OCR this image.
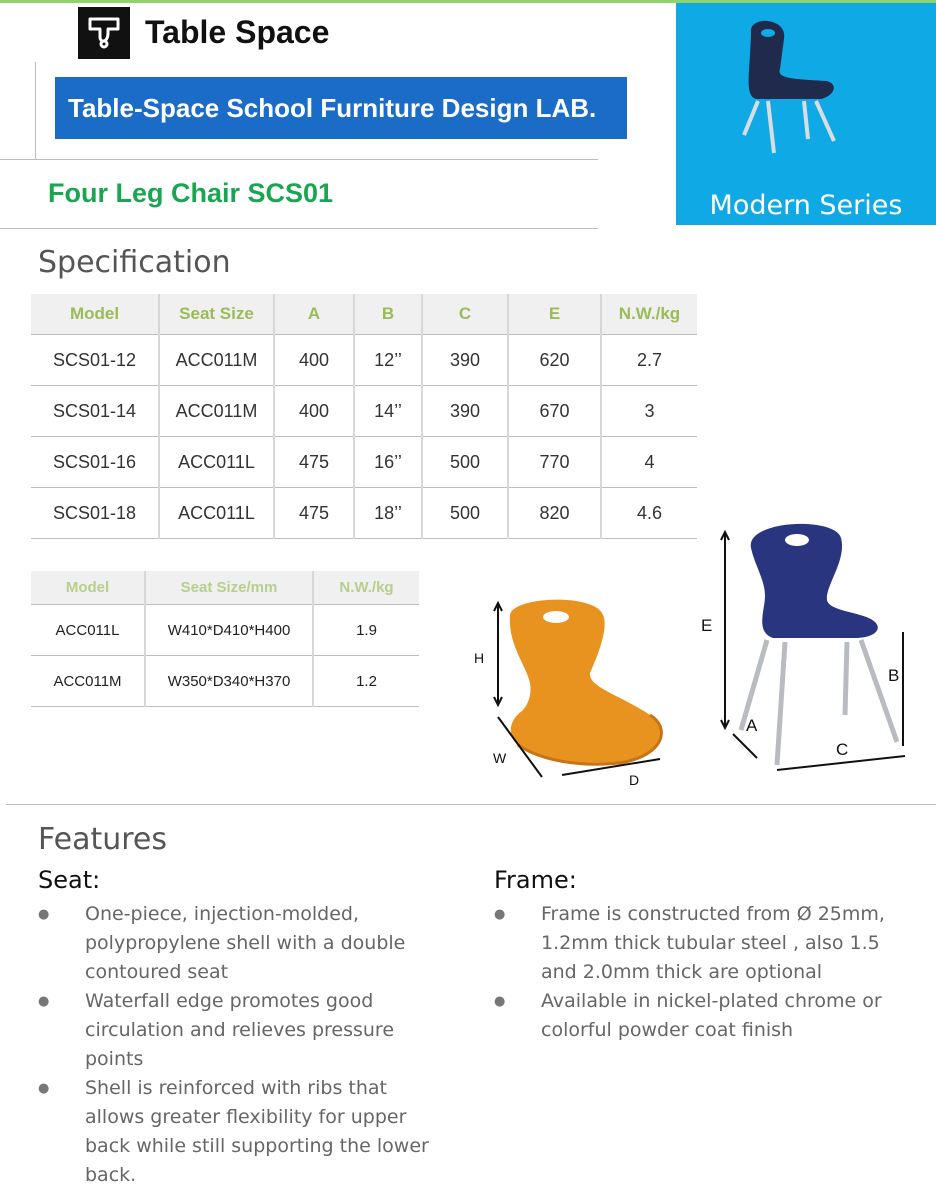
Table Space
Table-Space School Furniture Design LAB.
Four Leg Chair SCS01	Modern Series
Specification
Model	Seat Size	A	B	C	E	N.W./kg
SCS01-12	ACC011M	400	12’’	390	620	2.7
SCS01-14	ACC011M	400	14’’	390	670	3
SCS01-16	ACC011L	475	16’’	500	770	4
SCS01-18	ACC011L	475	18’’	500	820	4.6
Model	Seat Size/mm	N.W./kg
ACC011L	W410*D410*H400	1.9
ACC011M	W350*D340*H370	1.2
H
W
D
E
A
B
C
Features
Seat:
● One-piece, injection-molded, polypropylene shell with a double contoured seat
● Waterfall edge promotes good circulation and relieves pressure points
● Shell is reinforced with ribs that allows greater flexibility for upper back while still supporting the lower back.
Frame:
● Frame is constructed from Ø 25mm, 1.2mm thick tubular steel , also 1.5 and 2.0mm thick are optional
● Available in nickel-plated chrome or colorful powder coat finish
